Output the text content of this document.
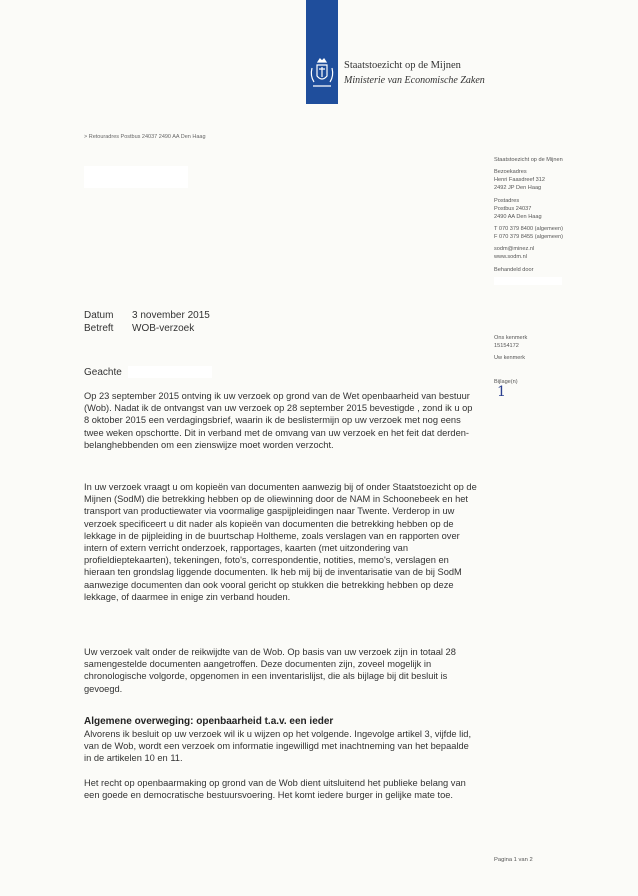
Staatstoezicht op de Mijnen
Ministerie van Economische Zaken
> Retouradres Postbus 24037 2490 AA Den Haag
Staatstoezicht op de Mijnen
Bezoekadres
Henri Faasdreef 312
2492 JP Den Haag
Postadres
Postbus 24037
2490 AA Den Haag
T 070 379 8400 (algemeen)
F 070 379 8455 (algemeen)
sodm@minez.nl
www.sodm.nl
Behandeld door
Ons kenmerk
15154172
Uw kenmerk
Bijlage(n)
1
Datum 3 november 2015
Betreft WOB-verzoek
Geachte

Op 23 september 2015 ontving ik uw verzoek op grond van de Wet openbaarheid van bestuur (Wob). Nadat ik de ontvangst van uw verzoek op 28 september 2015 bevestigde , zond ik u op 8 oktober 2015 een verdagingsbrief, waarin ik de beslistermijn op uw verzoek met nog eens twee weken opschortte. Dit in verband met de omvang van uw verzoek en het feit dat derden-belanghebbenden om een zienswijze moet worden verzocht.

In uw verzoek vraagt u om kopieën van documenten aanwezig bij of onder Staatstoezicht op de Mijnen (SodM) die betrekking hebben op de oliewinning door de NAM in Schoonebeek en het transport van productiewater via voormalige gaspijpleidingen naar Twente. Verderop in uw verzoek specificeert u dit nader als kopieën van documenten die betrekking hebben op de lekkage in de pijpleiding in de buurtschap Holtheme, zoals verslagen van en rapporten over intern of extern verricht onderzoek, rapportages, kaarten (met uitzondering van profieldieptekaarten), tekeningen, foto's, correspondentie, notities, memo's, verslagen en hieraan ten grondslag liggende documenten. Ik heb mij bij de inventarisatie van de bij SodM aanwezige documenten dan ook vooral gericht op stukken die betrekking hebben op deze lekkage, of daarmee in enige zin verband houden.

Uw verzoek valt onder de reikwijdte van de Wob. Op basis van uw verzoek zijn in totaal 28 samengestelde documenten aangetroffen. Deze documenten zijn, zoveel mogelijk in chronologische volgorde, opgenomen in een inventarislijst, die als bijlage bij dit besluit is gevoegd.

Algemene overweging: openbaarheid t.a.v. een ieder

Alvorens ik besluit op uw verzoek wil ik u wijzen op het volgende. Ingevolge artikel 3, vijfde lid, van de Wob, wordt een verzoek om informatie ingewilligd met inachtneming van het bepaalde in de artikelen 10 en 11.

Het recht op openbaarmaking op grond van de Wob dient uitsluitend het publieke belang van een goede en democratische bestuursvoering. Het komt iedere burger in gelijke mate toe.

Pagina 1 van 2
